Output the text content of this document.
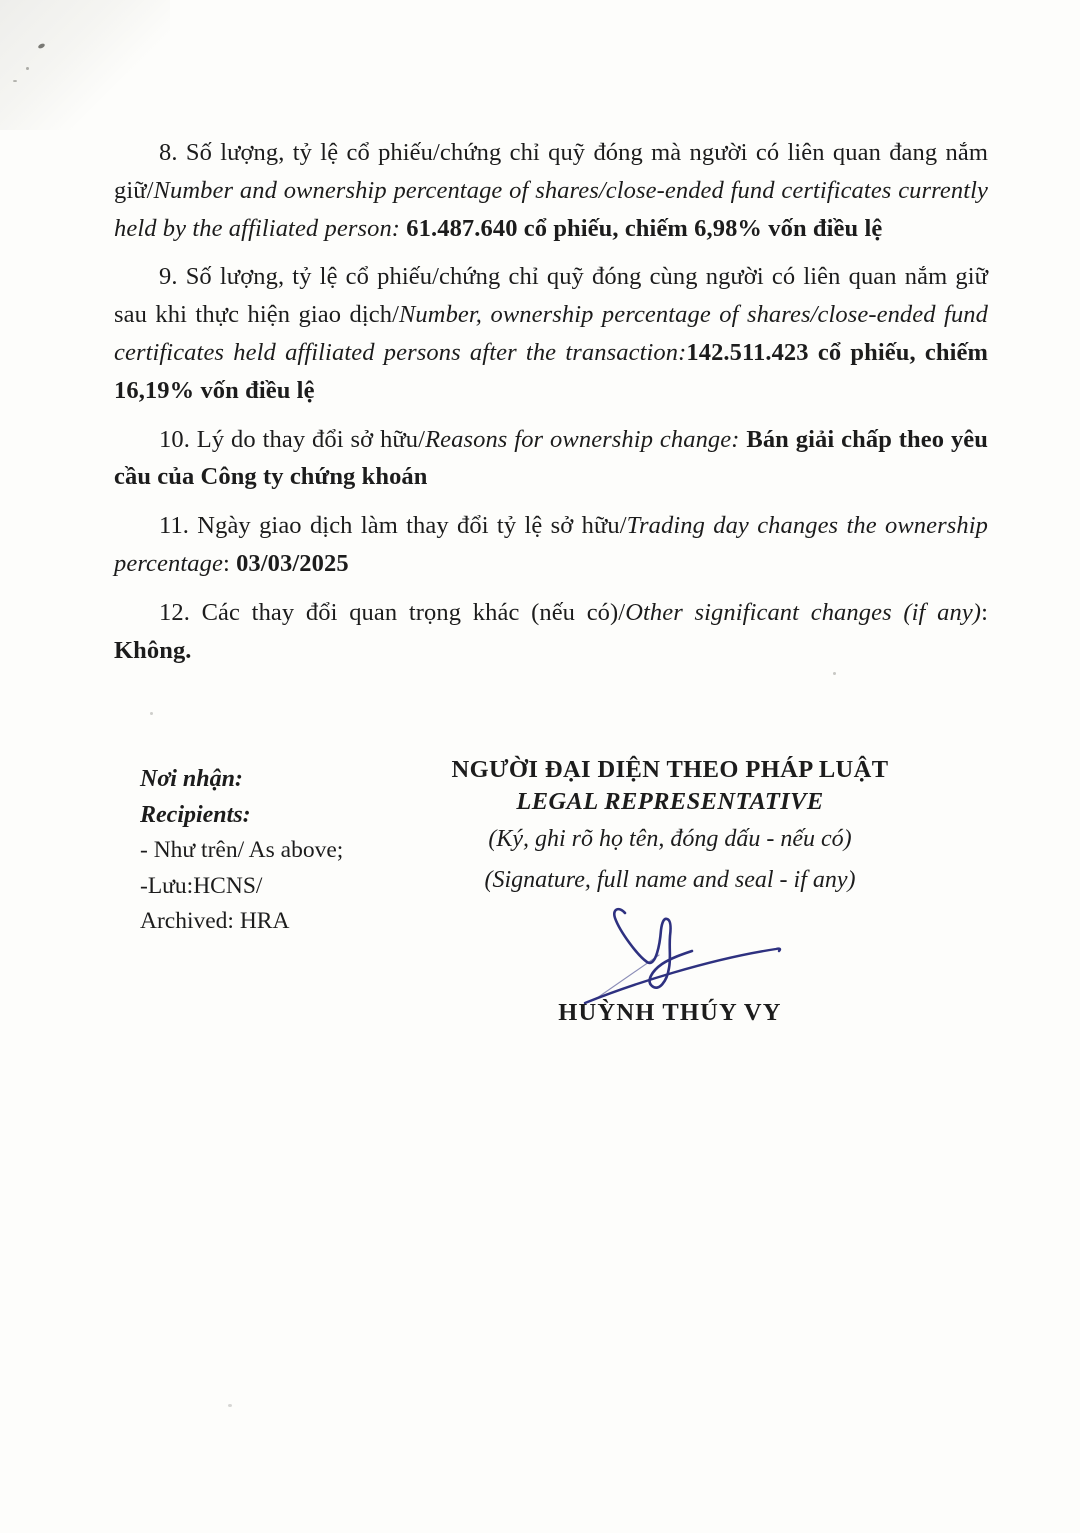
8. Số lượng, tỷ lệ cổ phiếu/chứng chỉ quỹ đóng mà người có liên quan đang nắm giữ/Number and ownership percentage of shares/close-ended fund certificates currently held by the affiliated person: 61.487.640 cổ phiếu, chiếm 6,98% vốn điều lệ

9. Số lượng, tỷ lệ cổ phiếu/chứng chỉ quỹ đóng cùng người có liên quan nắm giữ sau khi thực hiện giao dịch/Number, ownership percentage of shares/close-ended fund certificates held affiliated persons after the transaction:142.511.423 cổ phiếu, chiếm 16,19% vốn điều lệ

10. Lý do thay đổi sở hữu/Reasons for ownership change: Bán giải chấp theo yêu cầu của Công ty chứng khoán

11. Ngày giao dịch làm thay đổi tỷ lệ sở hữu/Trading day changes the ownership percentage: 03/03/2025

12. Các thay đổi quan trọng khác (nếu có)/Other significant changes (if any): Không.

Nơi nhận:

Recipients:

- Như trên/ As above;

-Lưu:HCNS/

Archived: HRA

NGƯỜI ĐẠI DIỆN THEO PHÁP LUẬT

LEGAL REPRESENTATIVE

(Ký, ghi rõ họ tên, đóng dấu - nếu có)

(Signature, full name and seal - if any)

HUỲNH THÚY VY
